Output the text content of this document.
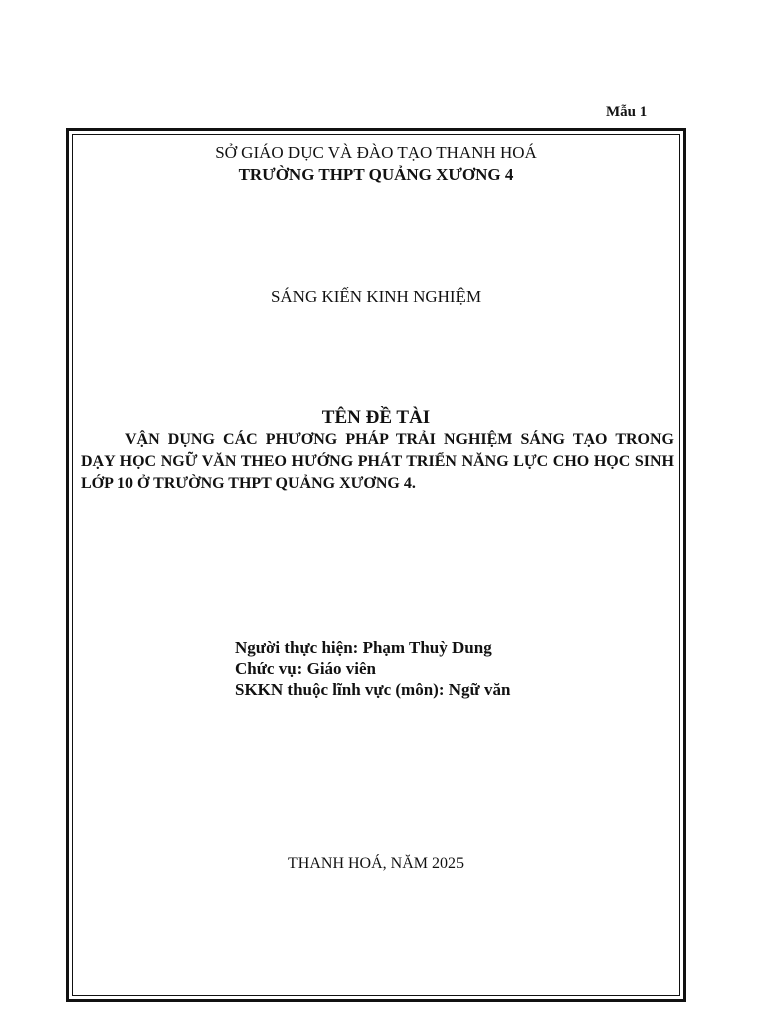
Mẫu 1
SỞ GIÁO DỤC VÀ ĐÀO TẠO THANH HOÁ
TRƯỜNG THPT QUẢNG XƯƠNG 4
SÁNG KIẾN KINH NGHIỆM
TÊN ĐỀ TÀI
VẬN DỤNG CÁC PHƯƠNG PHÁP TRẢI NGHIỆM SÁNG TẠO TRONG DẠY HỌC NGỮ VĂN THEO HƯỚNG PHÁT TRIỂN NĂNG LỰC CHO HỌC SINH LỚP 10 Ở TRƯỜNG THPT QUẢNG XƯƠNG 4.
Người thực hiện: Phạm Thuỳ Dung
Chức vụ: Giáo viên
SKKN thuộc lĩnh vực (môn): Ngữ văn
THANH HOÁ, NĂM 2025
